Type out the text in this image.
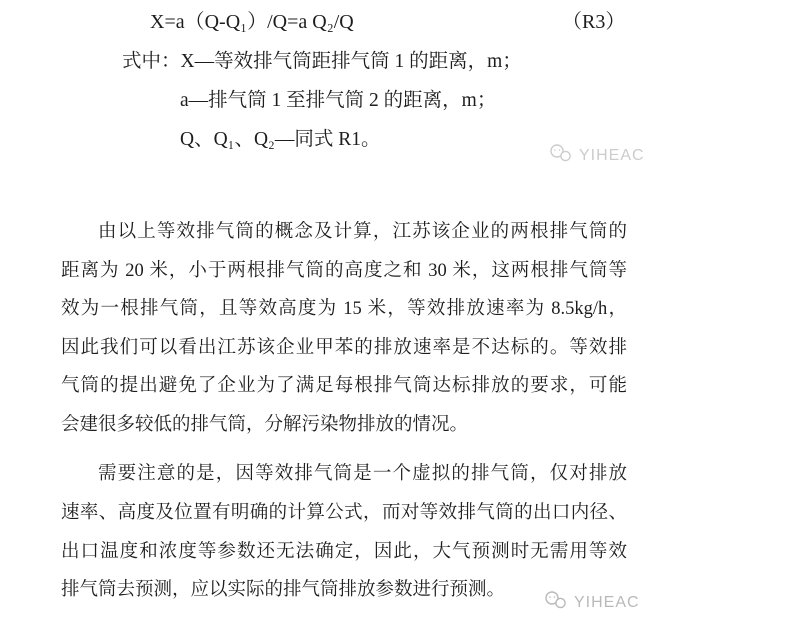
X=a（Q-Q₁）/Q=a Q₂/Q	（R3）
式中：X—等效排气筒距排气筒 1 的距离，m；
a—排气筒 1 至排气筒 2 的距离，m；
Q、Q₁、Q₂—同式 R1。
YIHEAC
由以上等效排气筒的概念及计算，江苏该企业的两根排气筒的
距离为 20 米，小于两根排气筒的高度之和 30 米，这两根排气筒等
效为一根排气筒，且等效高度为 15 米，等效排放速率为 8.5kg/h，
因此我们可以看出江苏该企业甲苯的排放速率是不达标的。等效排
气筒的提出避免了企业为了满足每根排气筒达标排放的要求，可能
会建很多较低的排气筒，分解污染物排放的情况。
需要注意的是，因等效排气筒是一个虚拟的排气筒，仅对排放
速率、高度及位置有明确的计算公式，而对等效排气筒的出口内径、
出口温度和浓度等参数还无法确定，因此，大气预测时无需用等效
排气筒去预测，应以实际的排气筒排放参数进行预测。
YIHEAC
